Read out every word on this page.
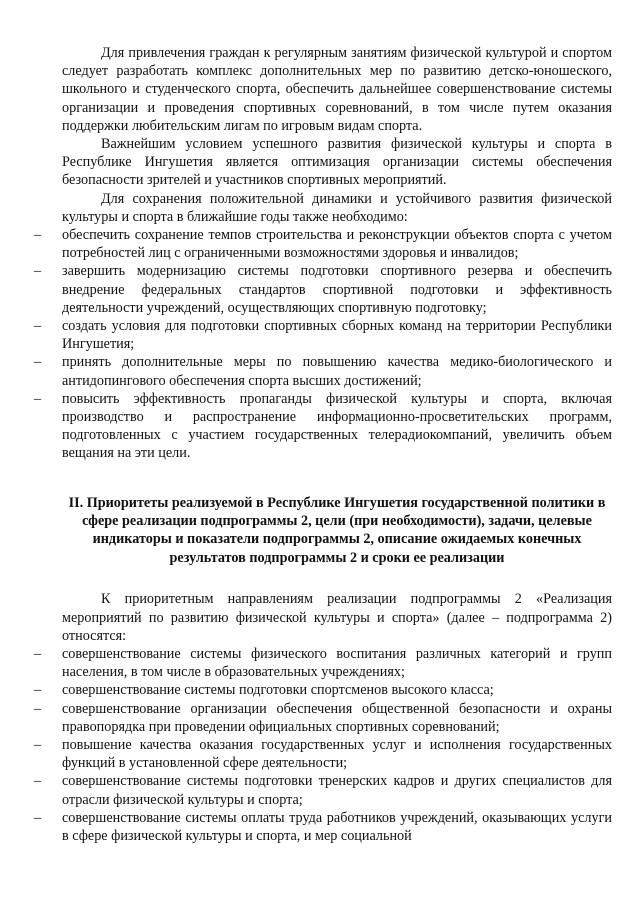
Для привлечения граждан к регулярным занятиям физической культурой и спортом следует разработать комплекс дополнительных мер по развитию детско-юношеского, школьного и студенческого спорта, обеспечить дальнейшее совершенствование системы организации и проведения спортивных соревнований, в том числе путем оказания поддержки любительским лигам по игровым видам спорта.

Важнейшим условием успешного развития физической культуры и спорта в Республике Ингушетия является оптимизация организации системы обеспечения безопасности зрителей и участников спортивных мероприятий.

Для сохранения положительной динамики и устойчивого развития физической культуры и спорта в ближайшие годы также необходимо:

– обеспечить сохранение темпов строительства и реконструкции объектов спорта с учетом потребностей лиц с ограниченными возможностями здоровья и инвалидов;
– завершить модернизацию системы подготовки спортивного резерва и обеспечить внедрение федеральных стандартов спортивной подготовки и эффективность деятельности учреждений, осуществляющих спортивную подготовку;
– создать условия для подготовки спортивных сборных команд на территории Республики Ингушетия;
– принять дополнительные меры по повышению качества медико-биологического и антидопингового обеспечения спорта высших достижений;
– повысить эффективность пропаганды физической культуры и спорта, включая производство и распространение информационно-просветительских программ, подготовленных с участием государственных телерадиокомпаний, увеличить объем вещания на эти цели.

II. Приоритеты реализуемой в Республике Ингушетия государственной политики в сфере реализации подпрограммы 2, цели (при необходимости), задачи, целевые индикаторы и показатели подпрограммы 2, описание ожидаемых конечных результатов подпрограммы 2 и сроки ее реализации

К приоритетным направлениям реализации подпрограммы 2 «Реализация мероприятий по развитию физической культуры и спорта» (далее – подпрограмма 2) относятся:

– совершенствование системы физического воспитания различных категорий и групп населения, в том числе в образовательных учреждениях;
– совершенствование системы подготовки спортсменов высокого класса;
– совершенствование организации обеспечения общественной безопасности и охраны правопорядка при проведении официальных спортивных соревнований;
– повышение качества оказания государственных услуг и исполнения государственных функций в установленной сфере деятельности;
– совершенствование системы подготовки тренерских кадров и других специалистов для отрасли физической культуры и спорта;
– совершенствование системы оплаты труда работников учреждений, оказывающих услуги в сфере физической культуры и спорта, и мер социальной
